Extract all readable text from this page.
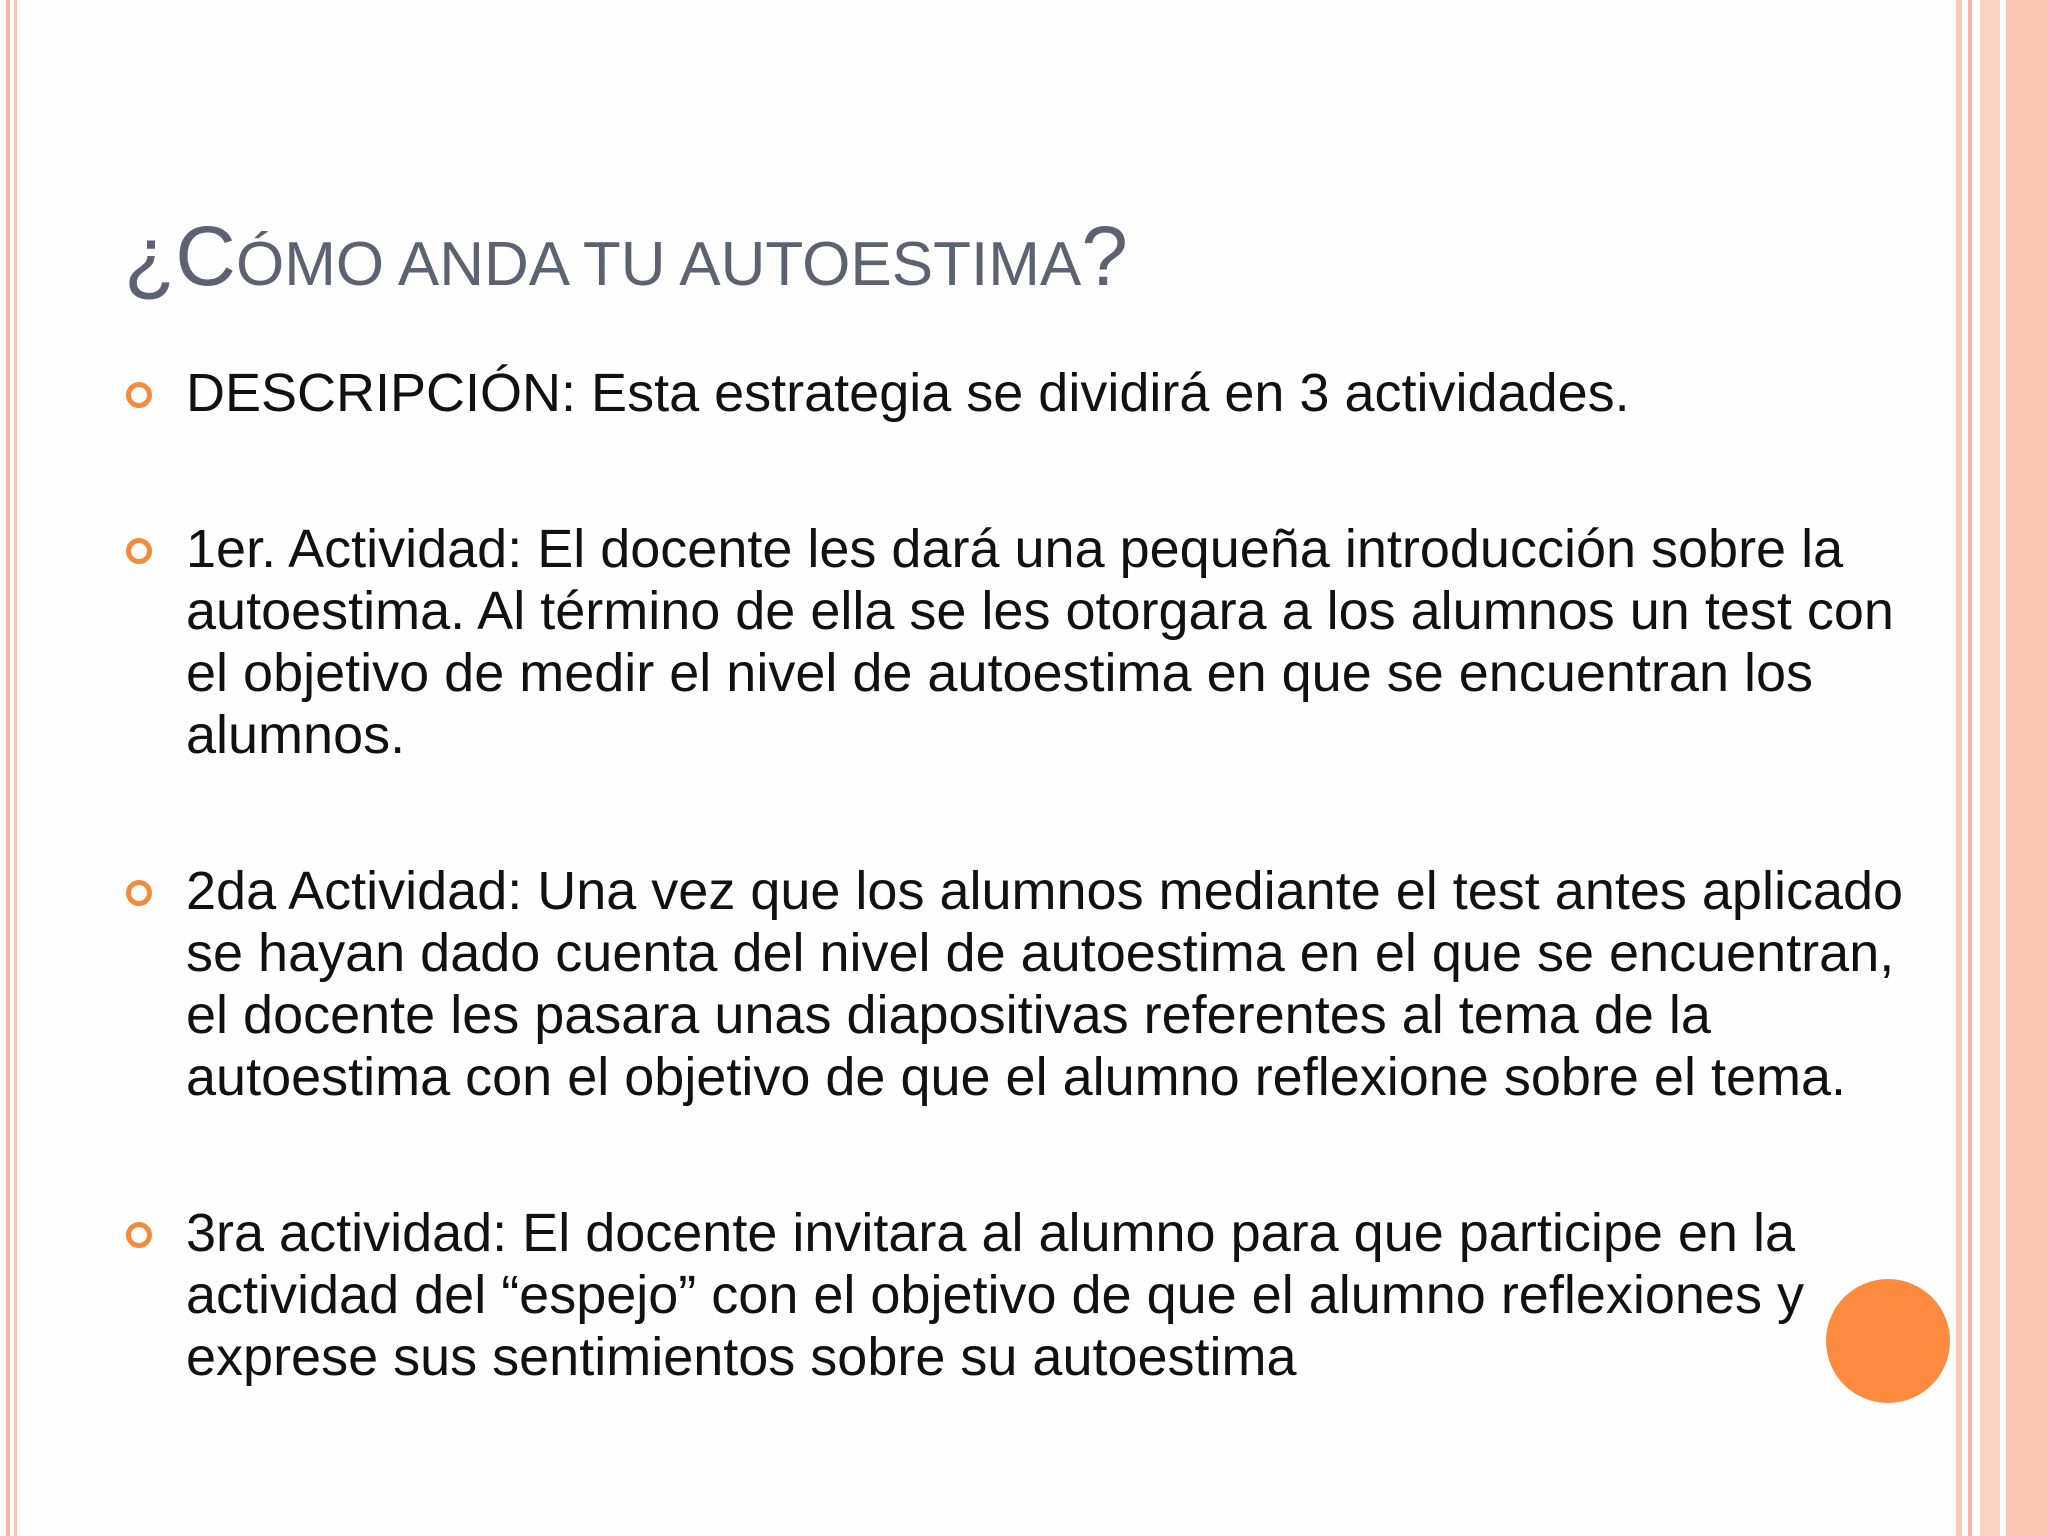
¿CÓMO ANDA TU AUTOESTIMA?
DESCRIPCIÓN: Esta estrategia se dividirá en 3 actividades.
1er. Actividad: El docente les dará una pequeña introducción sobre la autoestima. Al término de ella se les otorgara a los alumnos un test con el objetivo de medir el nivel de autoestima en que se encuentran los alumnos.
2da Actividad: Una vez que los alumnos mediante el test antes aplicado se hayan dado cuenta del nivel de autoestima en el que se encuentran, el docente les pasara unas diapositivas referentes al tema de la autoestima con el objetivo de que el alumno reflexione sobre el tema.
3ra actividad: El docente invitara al alumno para que participe en la actividad del “espejo” con el objetivo de que el alumno reflexiones y exprese sus sentimientos sobre su autoestima
